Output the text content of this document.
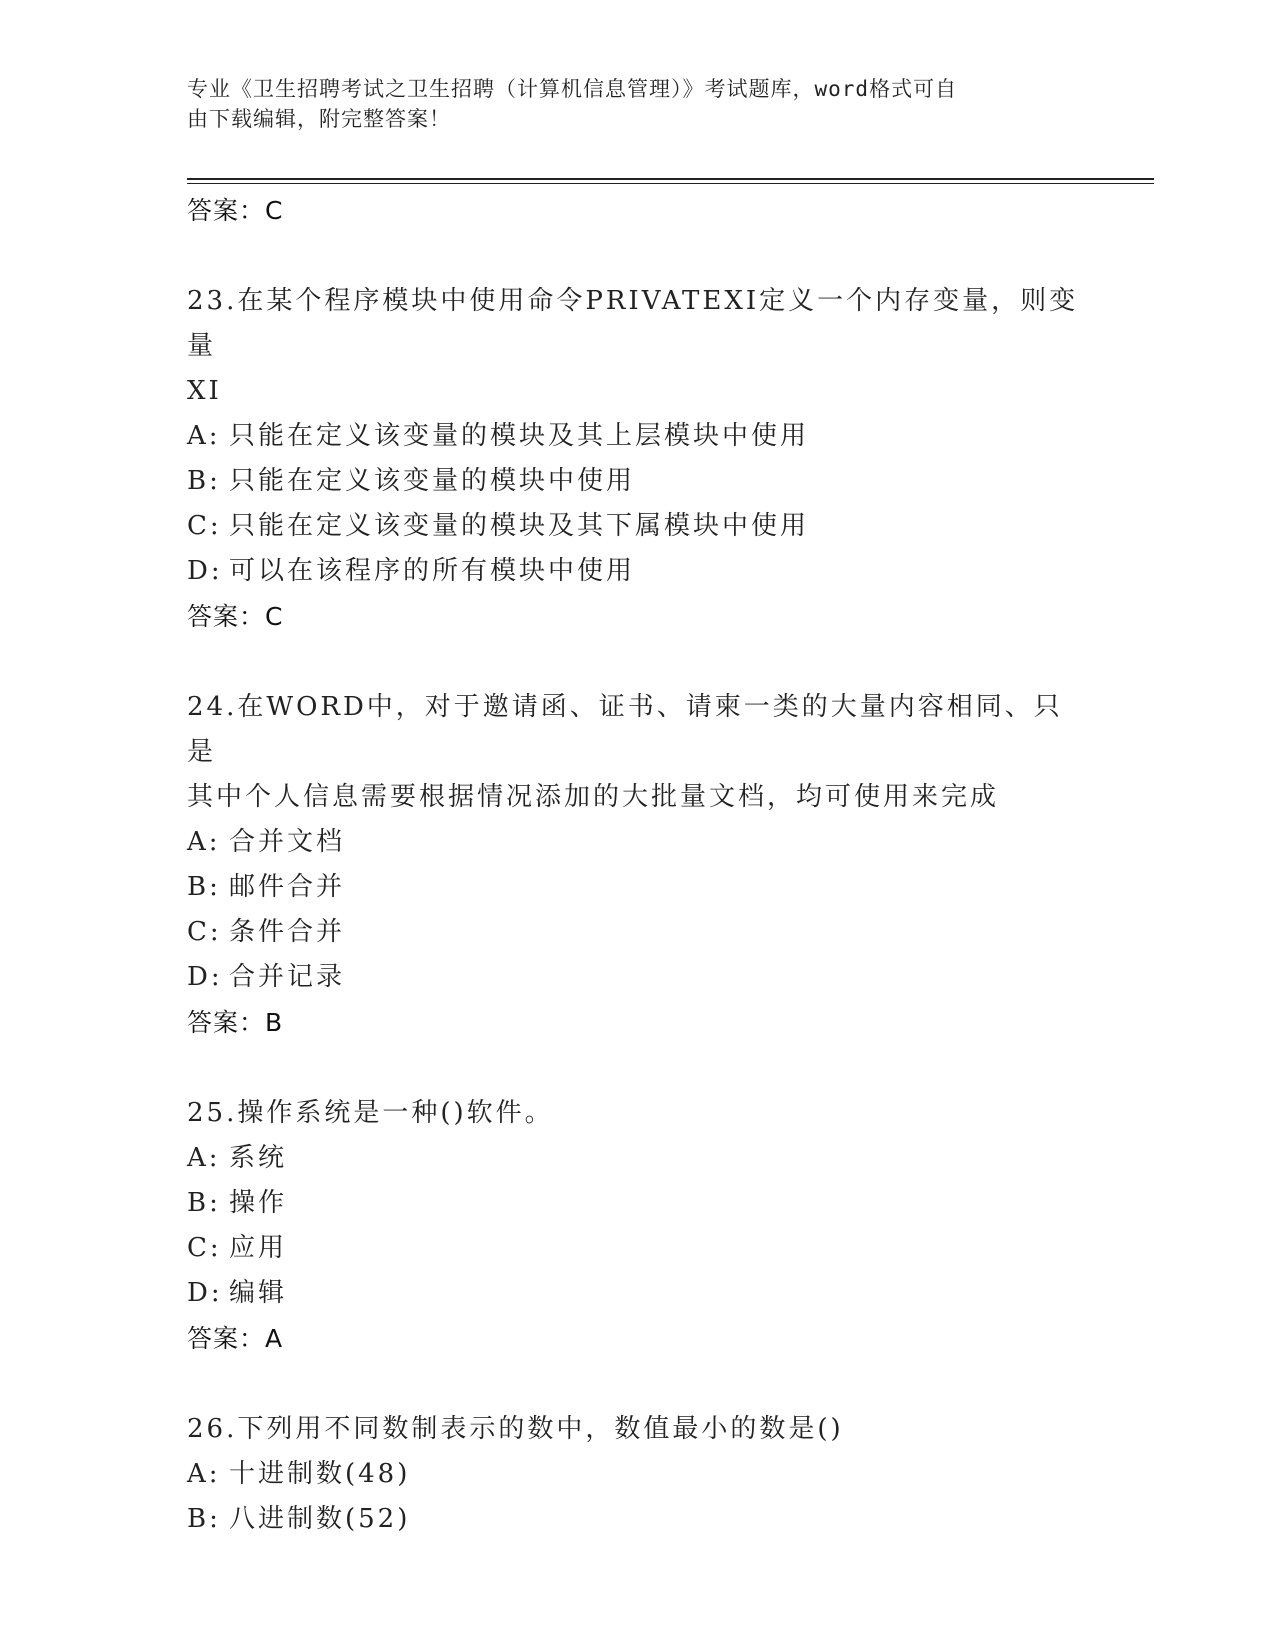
专业《卫生招聘考试之卫生招聘（计算机信息管理）》考试题库，word格式可自
由下载编辑，附完整答案！
答案：C
23.在某个程序模块中使用命令PRIVATEXI定义一个内存变量，则变量
XI
A: 只能在定义该变量的模块及其上层模块中使用
B: 只能在定义该变量的模块中使用
C: 只能在定义该变量的模块及其下属模块中使用
D: 可以在该程序的所有模块中使用
答案：C
24.在WORD中，对于邀请函、证书、请柬一类的大量内容相同、只是
其中个人信息需要根据情况添加的大批量文档，均可使用来完成
A: 合并文档
B: 邮件合并
C: 条件合并
D: 合并记录
答案：B
25.操作系统是一种()软件。
A: 系统
B: 操作
C: 应用
D: 编辑
答案：A
26.下列用不同数制表示的数中，数值最小的数是()
A: 十进制数(48)
B: 八进制数(52)
